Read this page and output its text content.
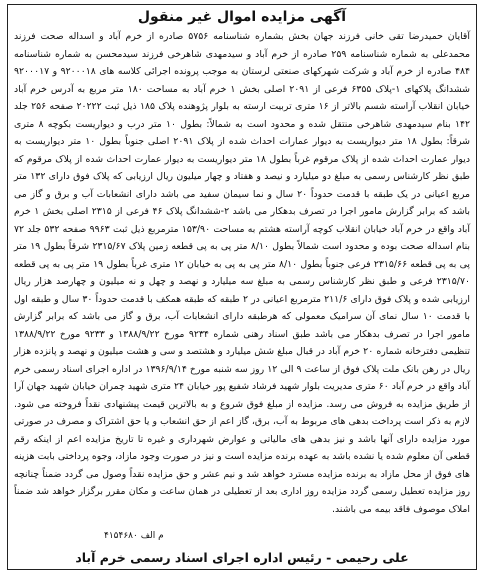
آگهی مزایده اموال غیر منقول

آقایان حمیدرضا تقی خانی فرزند جهان بخش بشماره شناسنامه ۵۷۵۶ صادره از خرم آباد و اسداله صحت فرزند محمدعلی به شماره شناسنامه ۲۵۹ صادره از خرم آباد و سیدمهدی شاهرخی فرزند سیدمحسن به شماره شناسنامه ۴۸۴ صادره از خرم آباد و شرکت شهرکهای صنعتی لرستان به موجب پرونده اجرائی کلاسه های ۹۲۰۰۰۱۸ و ۹۲۰۰۰۱۷ ششدانگ پلاکهای ۱-پلاک ۶۳۵۵ فرعی از ۲۰۹۱ اصلی بخش ۱ خرم آباد به مساحت ۱۸۰ متر مربع به آدرس خرم آباد خیابان انقلاب آراسته شسم بالاتر از ۱۶ متری تربیت ارسته به بلوار پژوهنده پلاک ۱۸۵ ذیل ثبت ۲۰۲۲۲ صفحه ۲۵۶ جلد ۱۴۲ بنام سیدمهدی شاهرخی منتقل شده و محدود است به شمالاً: بطول ۱۰ متر درب و دیواریست بکوچه ۸ متری شرقاً: بطول ۱۸ متر دیواریست به دیوار عمارات احداث شده از پلاک ۲۰۹۱ اصلی جنوباً بطول ۱۰ متر دیواریست به دیوار عمارت احداث شده از پلاک مرقوم غرباً بطول ۱۸ متر دیواریست به دیوار عمارت احداث شده از پلاک مرقوم که طبق نظر کارشناس رسمی به مبلغ دو میلیارد و نیصد و هفتاد و چهار میلیون ریال ارزیابی که پلاک فوق دارای ۱۳۲ متر مربع اعیانی در یک طبقه با قدمت حدوداً ۲۰ سال و نما سیمان سفید می باشد دارای انشعابات آب و برق و گاز می باشد که برابر گزارش مامور اجرا در تصرف بدهکار می باشد ۲-ششدانگ پلاک ۴۶ فرعی از ۲۳۱۵ اصلی بخش ۱ خرم آباد واقع در خرم آباد خیابان انقلاب کوچه آراسته هشتم به مساحت ۱۵۳/۹۰ مترمربع ذیل ثبت ۹۹۶۳ صفحه ۵۳۲ جلد ۷۲ بنام اسداله صحت بوده و محدود است شمالاً بطول ۸/۱۰ متر پی به پی قطعه زمین پلاک ۲۳۱۵/۶۷ شرقاً بطول ۱۹ متر پی به پی قطعه ۲۳۱۵/۶۶ فرعی جنوباً بطول ۸/۱۰ متر پی به پی به خیابان ۱۲ متری غرباً بطول ۱۹ متر پی به پی قطعه ۲۳۱۵/۷۰ فرعی و طبق نظر کارشناس رسمی به مبلغ سه میلیارد و نهصد و چهل و نه میلیون و چهارصد هزار ریال ارزیابی شده و پلاک فوق دارای ۲۱۱/۶ مترمربع اعیانی در ۲ طبقه که طبقه همکف با قدمت حدوداً ۳۰ سال و طبقه اول با قدمت ۱۰ سال نمای آن سرامیک معمولی که هرطبقه دارای انشعابات آب، برق و گاز می باشد که برابر گزارش مامور اجرا در تصرف بدهکار می باشد طبق اسناد رهنی شماره ۹۲۳۴ مورخ ۱۳۸۸/۹/۲۲ و ۹۲۳۳ مورخ ۱۳۸۸/۹/۲۲ تنظیمی دفترخانه شماره ۲۰ خرم آباد در قبال مبلغ شش میلیارد و هشتصد و سی و هشت میلیون و نهصد و پانزده هزار ریال در رهن بانک ملت پلاک فوق از ساعت ۹ الی ۱۲ روز سه شنبه مورخ ۱۳۹۶/۹/۱۴ در اداره اجرای اسناد رسمی خرم آباد واقع در خرم آباد ۶۰ متری مدیریت بلوار شهید فرشاد شفیع پور خیابان ۲۴ متری شهید چمران خیابان شهید جهان آرا از طریق مزایده به فروش می رسد. مزایده از مبلغ فوق شروع و به بالاترین قیمت پیشنهادی نقداً فروخته می شود. لازم به ذکر است پرداخت بدهی های مربوط به آب، برق، گاز اعم از حق انشعاب و یا حق اشتراک و مصرف در صورتی مورد مزایده دارای آنها باشد و نیز بدهی های مالیاتی و عوارض شهرداری و غیره تا تاریخ مزایده اعم از اینکه رقم قطعی آن معلوم شده یا نشده باشد به عهده برنده مزایده است و نیز در صورت وجود مازاد، وجوه پرداختی بابت هزینه های فوق از محل مازاد به برنده مزایده مسترد خواهد شد و نیم عشر و حق مزایده نقداً وصول می گردد ضمناً چنانچه روز مزایده تعطیل رسمی گردد مزایده روز اداری بعد از تعطیلی در همان ساعت و مکان مقرر برگزار خواهد شد ضمناً املاک موصوف فاقد بیمه می باشند.

م الف ۴۱۵۴۶۸۰
علی رحیمی - رئیس اداره اجرای اسناد رسمی خرم آباد
